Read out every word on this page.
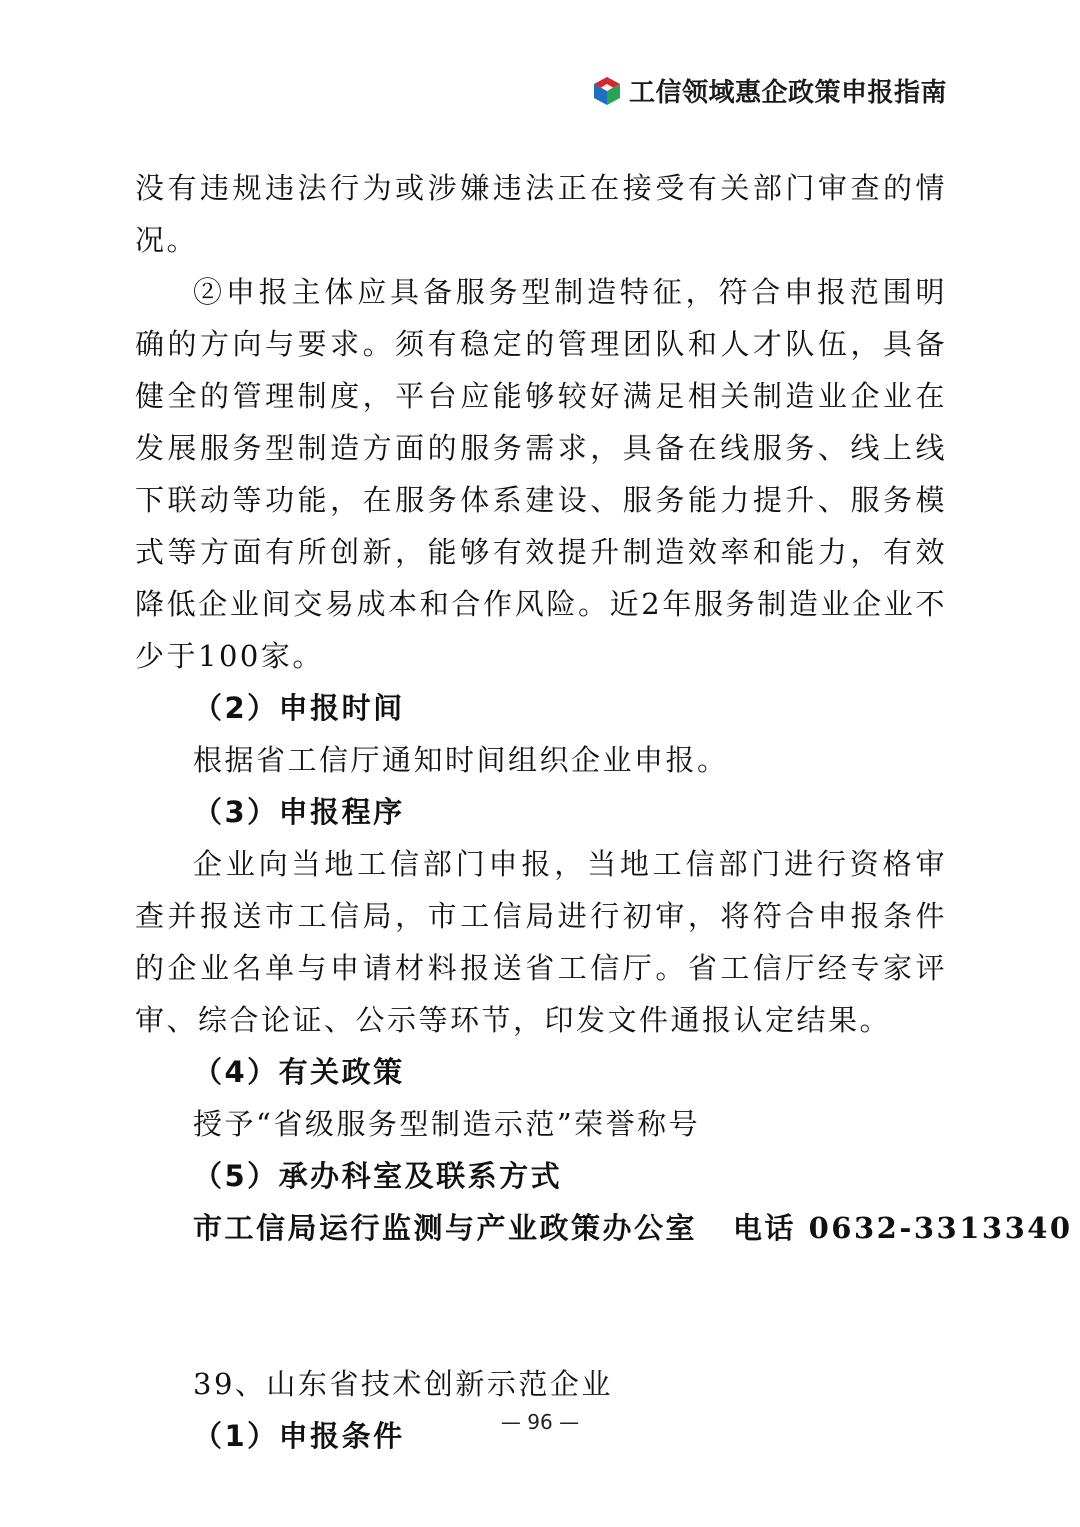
工信领域惠企政策申报指南

没有违规违法行为或涉嫌违法正在接受有关部门审查的情况。

②申报主体应具备服务型制造特征，符合申报范围明确的方向与要求。须有稳定的管理团队和人才队伍，具备健全的管理制度，平台应能够较好满足相关制造业企业在发展服务型制造方面的服务需求，具备在线服务、线上线下联动等功能，在服务体系建设、服务能力提升、服务模式等方面有所创新，能够有效提升制造效率和能力，有效降低企业间交易成本和合作风险。近2年服务制造业企业不少于100家。

（2）申报时间

根据省工信厅通知时间组织企业申报。

（3）申报程序

企业向当地工信部门申报，当地工信部门进行资格审查并报送市工信局，市工信局进行初审，将符合申报条件的企业名单与申请材料报送省工信厅。省工信厅经专家评审、综合论证、公示等环节，印发文件通报认定结果。

（4）有关政策

授予“省级服务型制造示范”荣誉称号

（5）承办科室及联系方式

市工信局运行监测与产业政策办公室 电话 0632-3313340

39、山东省技术创新示范企业

（1）申报条件	— 96 —
